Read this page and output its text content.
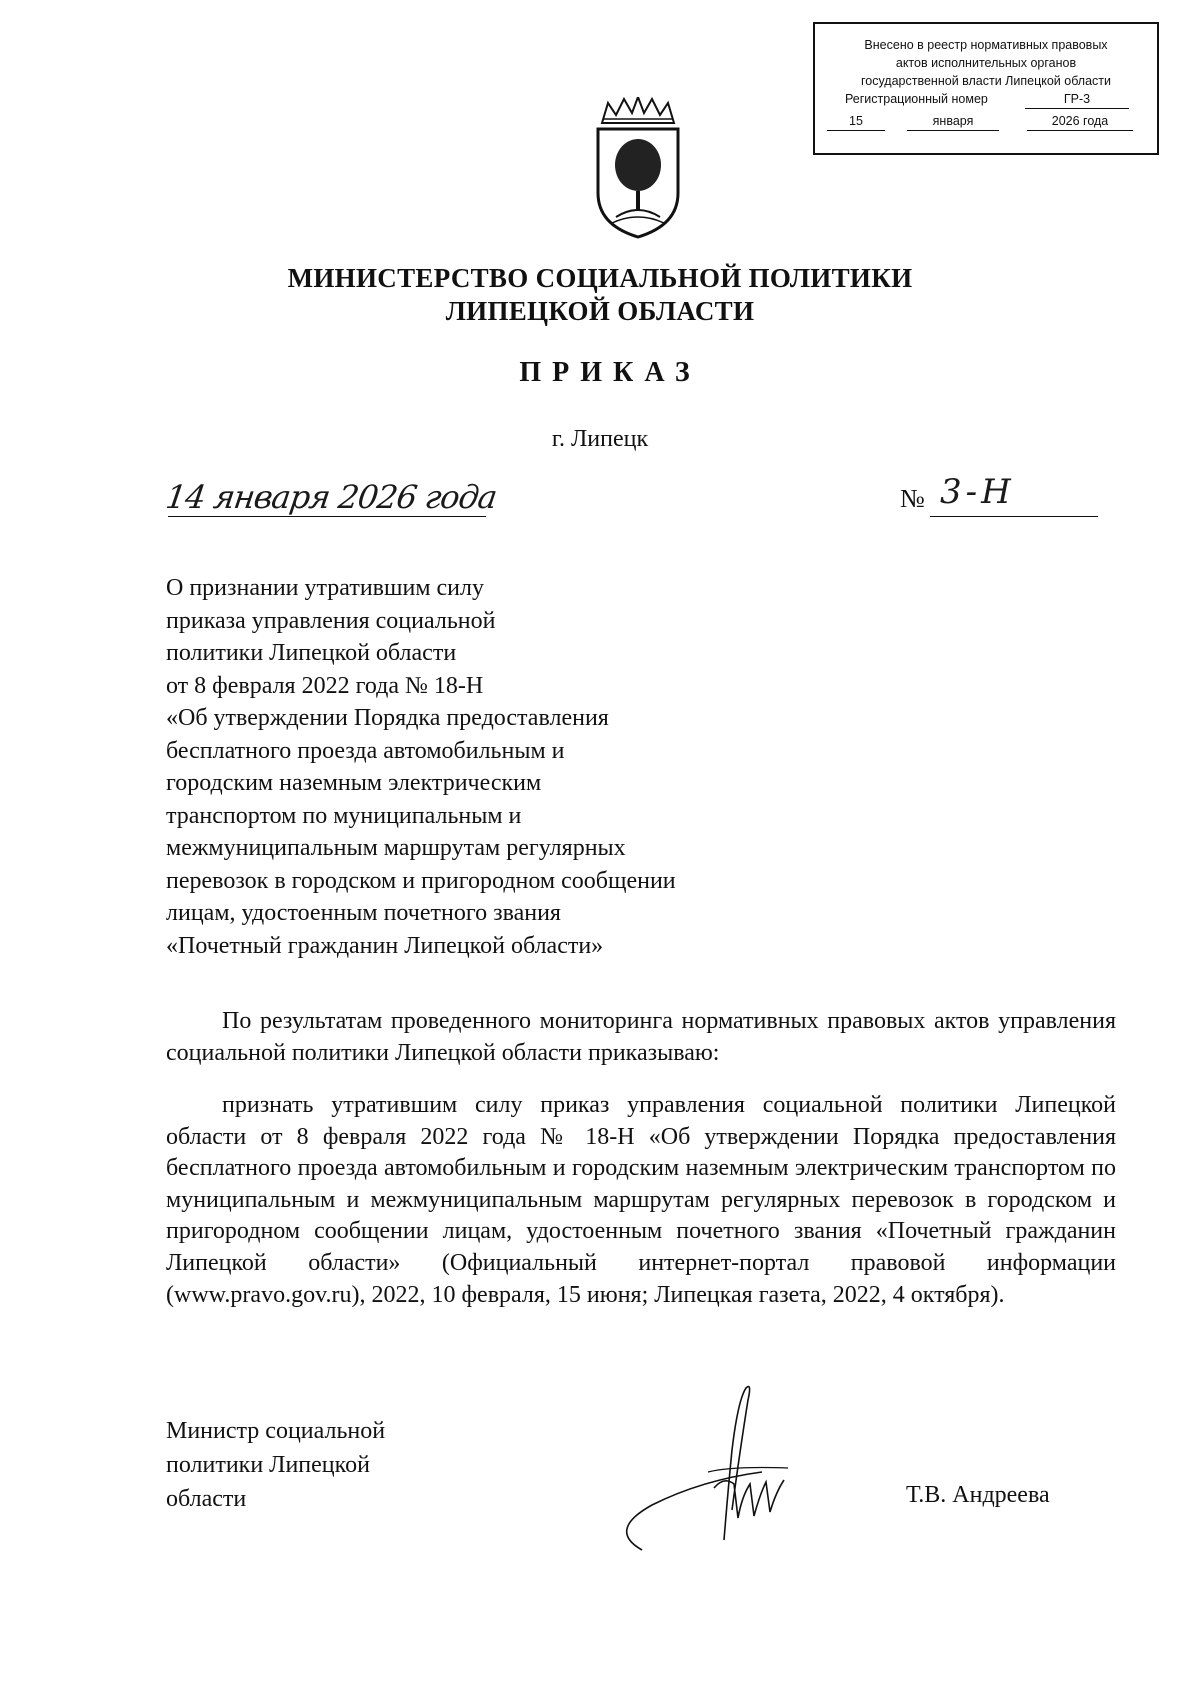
Внесено в реестр нормативных правовых
актов исполнительных органов
государственной власти Липецкой области
Регистрационный номер	ГР-3
15	января	2026 года
МИНИСТЕРСТВО СОЦИАЛЬНОЙ ПОЛИТИКИ
ЛИПЕЦКОЙ ОБЛАСТИ
ПРИКАЗ
г. Липецк
14 января 2026 года	№ 3-Н
О признании утратившим силу
приказа управления социальной
политики Липецкой области
от 8 февраля 2022 года № 18-Н
«Об утверждении Порядка предоставления
бесплатного проезда автомобильным и
городским наземным электрическим
транспортом по муниципальным и
межмуниципальным маршрутам регулярных
перевозок в городском и пригородном сообщении
лицам, удостоенным почетного звания
«Почетный гражданин Липецкой области»

По результатам проведенного мониторинга нормативных правовых актов управления социальной политики Липецкой области приказываю:

признать утратившим силу приказ управления социальной политики Липецкой области от 8 февраля 2022 года № 18-Н «Об утверждении Порядка предоставления бесплатного проезда автомобильным и городским наземным электрическим транспортом по муниципальным и межмуниципальным маршрутам регулярных перевозок в городском и пригородном сообщении лицам, удостоенным почетного звания «Почетный гражданин Липецкой области» (Официальный интернет-портал правовой информации (www.pravo.gov.ru), 2022, 10 февраля, 15 июня; Липецкая газета, 2022, 4 октября).

Министр социальной
политики Липецкой
области	Т.В. Андреева
